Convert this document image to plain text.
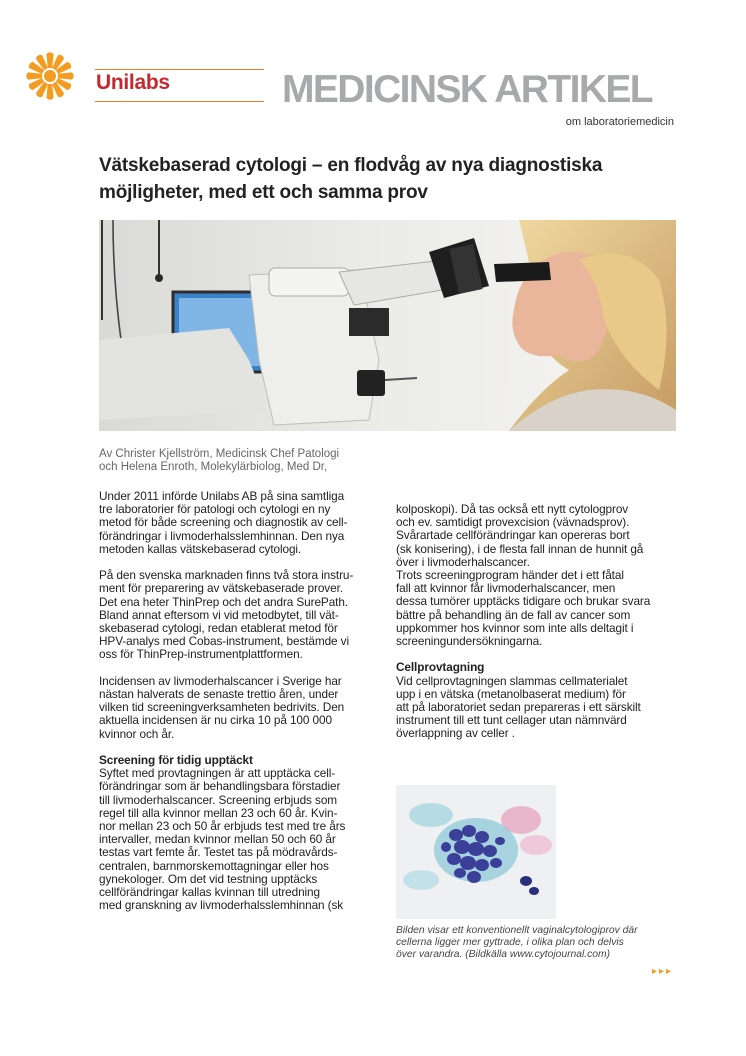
Unilabs	MEDICINSK ARTIKEL
om laboratoriemedicin
Vätskebaserad cytologi – en flodvåg av nya diagnostiska
möjligheter, med ett och samma prov
Av Christer Kjellström, Medicinsk Chef Patologi
och Helena Enroth, Molekylärbiolog, Med Dr,

Under 2011 införde Unilabs AB på sina samtliga
tre laboratorier för patologi och cytologi en ny
metod för både screening och diagnostik av cell-
förändringar i livmoderhalsslemhinnan. Den nya
metoden kallas vätskebaserad cytologi.

På den svenska marknaden finns två stora instru-
ment för preparering av vätskebaserade prover.
Det ena heter ThinPrep och det andra SurePath.
Bland annat eftersom vi vid metodbytet, till vät-
skebaserad cytologi, redan etablerat metod för
HPV-analys med Cobas-instrument, bestämde vi
oss för ThinPrep-instrumentplattformen.

Incidensen av livmoderhalscancer i Sverige har
nästan halverats de senaste trettio åren, under
vilken tid screeningverksamheten bedrivits. Den
aktuella incidensen är nu cirka 10 på 100 000
kvinnor och år.

Screening för tidig upptäckt
Syftet med provtagningen är att upptäcka cell-
förändringar som är behandlingsbara förstadier
till livmoderhalscancer. Screening erbjuds som
regel till alla kvinnor mellan 23 och 60 år. Kvin-
nor mellan 23 och 50 år erbjuds test med tre års
intervaller, medan kvinnor mellan 50 och 60 år
testas vart femte år. Testet tas på mödravårds-
centralen, barnmorskemottagningar eller hos
gynekologer. Om det vid testning upptäcks
cellförändringar kallas kvinnan till utredning
med granskning av livmoderhalsslemhinnan (sk

kolposkopi). Då tas också ett nytt cytologprov
och ev. samtidigt provexcision (vävnadsprov).
Svårartade cellförändringar kan opereras bort
(sk konisering), i de flesta fall innan de hunnit gå
över i livmoderhalscancer.
Trots screeningprogram händer det i ett fåtal
fall att kvinnor får livmoderhalscancer, men
dessa tumörer upptäcks tidigare och brukar svara
bättre på behandling än de fall av cancer som
uppkommer hos kvinnor som inte alls deltagit i
screeningundersökningarna.

Cellprovtagning
Vid cellprovtagningen slammas cellmaterialet
upp i en vätska (metanolbaserat medium) för
att på laboratoriet sedan prepareras i ett särskilt
instrument till ett tunt cellager utan nämnvärd
överlappning av celler .
Bilden visar ett konventionellt vaginalcytologiprov där
cellerna ligger mer gyttrade, i olika plan och delvis
över varandra. (Bildkälla www.cytojournal.com)
▸▸▸
